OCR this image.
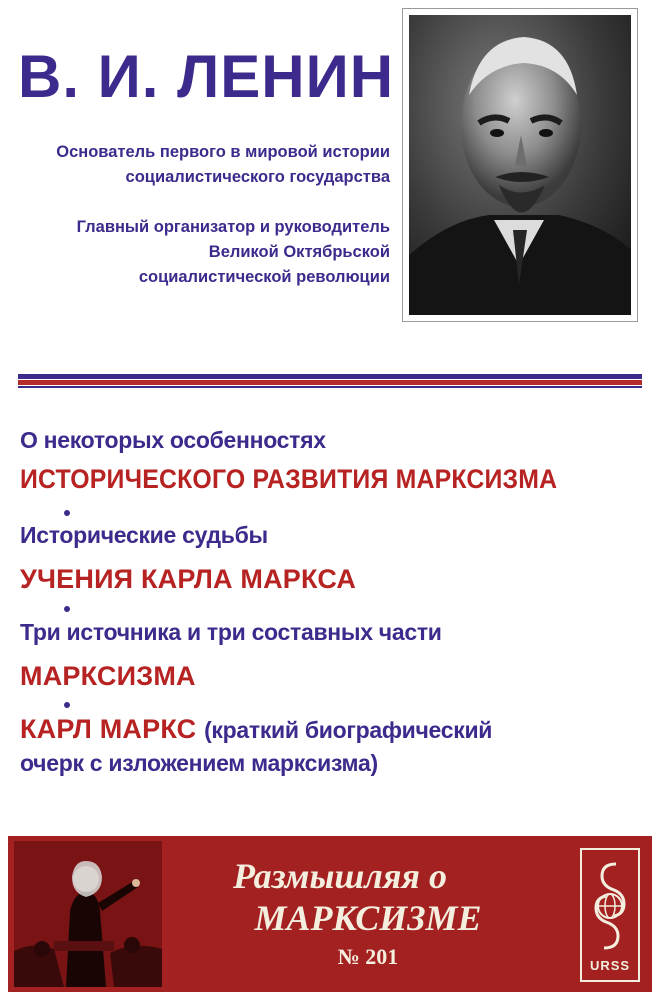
В. И. ЛЕНИН
Основатель первого в мировой истории
социалистического государства
Главный организатор и руководитель
Великой Октябрьской
социалистической революции
О некоторых особенностях
ИСТОРИЧЕСКОГО РАЗВИТИЯ МАРКСИЗМА
Исторические судьбы
УЧЕНИЯ КАРЛА МАРКСА
Три источника и три составных части
МАРКСИЗМА
КАРЛ МАРКС (краткий биографический
очерк с изложением марксизма)
Размышляя о
МАРКСИЗМЕ
№ 201	URSS
